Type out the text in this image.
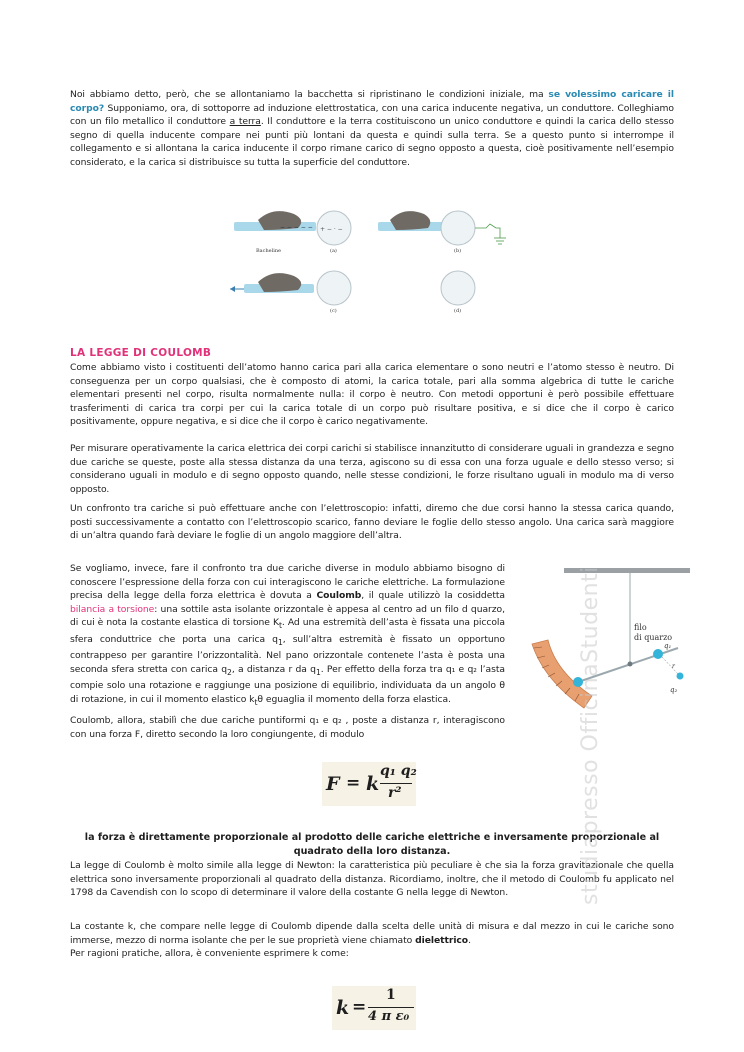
Noi abbiamo detto, però, che se allontaniamo la bacchetta si ripristinano le condizioni iniziale, ma se volessimo caricare il corpo? Supponiamo, ora, di sottoporre ad induzione elettrostatica, con una carica inducente negativa, un conduttore. Colleghiamo con un filo metallico il conduttore a terra. Il conduttore e la terra costituiscono un unico conduttore e quindi la carica dello stesso segno di quella inducente compare nei punti più lontani da questa e quindi sulla terra. Se a questo punto si interrompe il collegamento e si allontana la carica inducente il corpo rimane carico di segno opposto a questa, cioè positivamente nell’esempio considerato, e la carica si distribuisce su tutta la superficie del conduttore.

− − − − − + − · −
Bacheline	(a)	(b)
(c)	(d)
LA LEGGE DI COULOMB

Come abbiamo visto i costituenti dell’atomo hanno carica pari alla carica elementare o sono neutri e l’atomo stesso è neutro. Di conseguenza per un corpo qualsiasi, che è composto di atomi, la carica totale, pari alla somma algebrica di tutte le cariche elementari presenti nel corpo, risulta normalmente nulla: il corpo è neutro. Con metodi opportuni è però possibile effettuare trasferimenti di carica tra corpi per cui la carica totale di un corpo può risultare positiva, e si dice che il corpo è carico positivamente, oppure negativa, e si dice che il corpo è carico negativamente.

Per misurare operativamente la carica elettrica dei corpi carichi si stabilisce innanzitutto di considerare uguali in grandezza e segno due cariche se queste, poste alla stessa distanza da una terza, agiscono su di essa con una forza uguale e dello stesso verso; si considerano uguali in modulo e di segno opposto quando, nelle stesse condizioni, le forze risultano uguali in modulo ma di verso opposto.

Un confronto tra cariche si può effettuare anche con l’elettroscopio: infatti, diremo che due corsi hanno la stessa carica quando, posti successivamente a contatto con l’elettroscopio scarico, fanno deviare le foglie dello stesso angolo. Una carica sarà maggiore di un’altra quando farà deviare le foglie di un angolo maggiore dell’altra.

Se vogliamo, invece, fare il confronto tra due cariche diverse in modulo abbiamo bisogno di conoscere l’espressione della forza con cui interagiscono le cariche elettriche. La formulazione precisa della legge della forza elettrica è dovuta a Coulomb, il quale utilizzò la cosiddetta bilancia a torsione: una sottile asta isolante orizzontale è appesa al centro ad un filo d quarzo, di cui è nota la costante elastica di torsione $K_t$. Ad una estremità dell’asta è fissata una piccola sfera conduttrice che porta una carica $q_1$, sull’altra estremità è fissato un opportuno contrappeso per garantire l’orizzontalità. Nel pano orizzontale contenete l’asta è posta una seconda sfera stretta con carica $q_2$, a distanza r da $q_1$. Per effetto della forza tra q₁ e q₂ l’asta compie solo una rotazione e raggiunge una posizione di equilibrio, individuata da un angolo θ di rotazione, in cui il momento elastico $k_t\theta$ eguaglia il momento della forza elastica.

Coulomb, allora, stabilì che due cariche puntiformi q₁ e q₂ , poste a distanza r, interagiscono con una forza F, diretto secondo la loro congiungente, di modulo

filo
di quarzo
q₁
r
q₂
F = k
q₁ q₂
r²

la forza è direttamente proporzionale al prodotto delle cariche elettriche e inversamente proporzionale al quadrato della loro distanza.

La legge di Coulomb è molto simile alla legge di Newton: la caratteristica più peculiare è che sia la forza gravitazionale che quella elettrica sono inversamente proporzionali al quadrato della distanza. Ricordiamo, inoltre, che il metodo di Coulomb fu applicato nel 1798 da Cavendish con lo scopo di determinare il valore della costante G nella legge di Newton.

La costante k, che compare nelle legge di Coulomb dipende dalla scelta delle unità di misura e dal mezzo in cui le cariche sono immerse, mezzo di norma isolante che per le sue proprietà viene chiamato dielettrico.

Per ragioni pratiche, allora, è conveniente esprimere k come:

k =
1
4 π ε₀
studiapresso OfficinaStudenti
